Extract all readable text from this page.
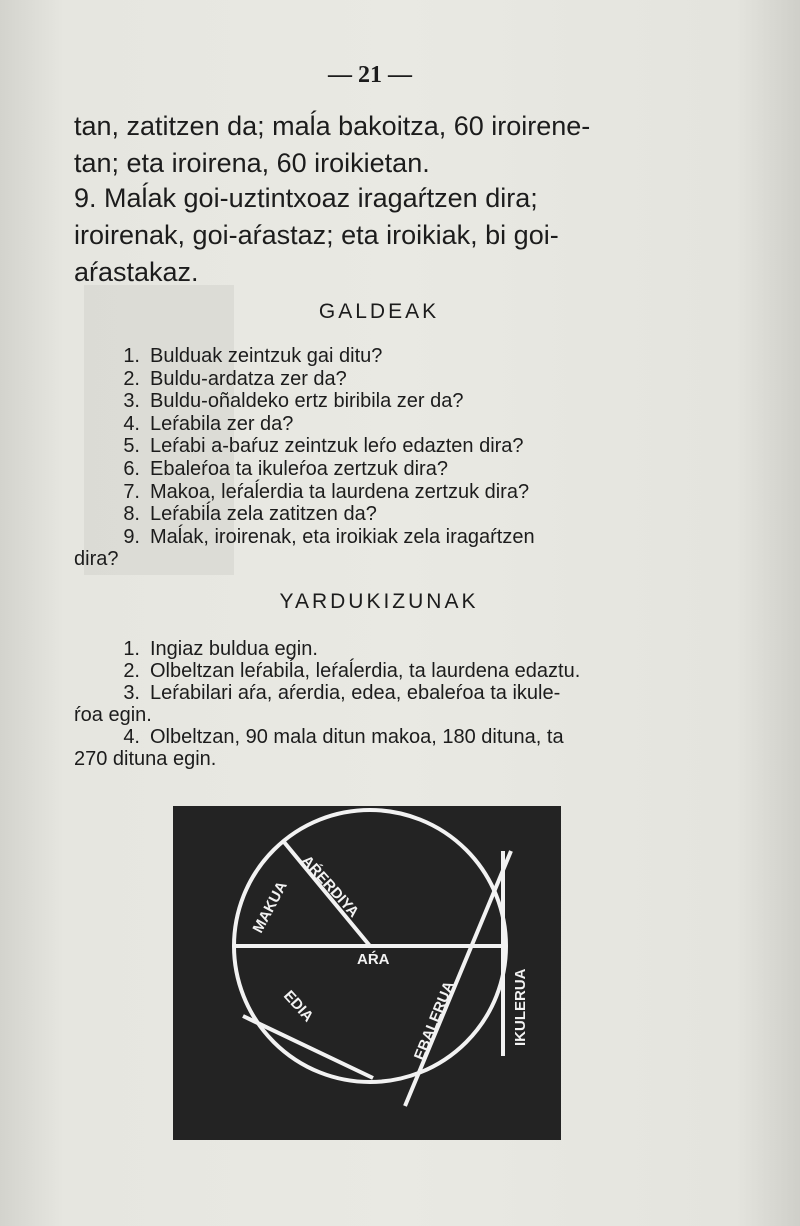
— 21 —
tan, zatitzen da; maĺa bakoitza, 60 iroirene-
tan; eta iroirena, 60 iroikietan.
9. Maĺak goi-uztintxoaz iragaŕtzen dira;
iroirenak, goi-aŕastaz; eta iroikiak, bi goi-
aŕastakaz.
GALDEAK
1. Bulduak zeintzuk gai ditu?
2. Buldu-ardatza zer da?
3. Buldu-oñaldeko ertz biribila zer da?
4. Leŕabila zer da?
5. Leŕabi a-baŕuz zeintzuk leŕo edazten dira?
6. Ebaleŕoa ta ikuleŕoa zertzuk dira?
7. Makoa, leŕaĺerdia ta laurdena zertzuk dira?
8. Leŕabiĺa zela zatitzen da?
9. Maĺak, iroirenak, eta iroikiak zela iragaŕtzen
dira?
YARDUKIZUNAK
1. Ingiaz buldua egin.
2. Olbeltzan leŕabiĺa, leŕaĺerdia, ta laurdena edaztu.
3. Leŕabilari aŕa, aŕerdia, edea, ebaleŕoa ta ikule-
ŕoa egin.
4. Olbeltzan, 90 mala ditun makoa, 180 dituna, ta
270 dituna egin.
MAKUA AŔERDIYA
AŔA
EDIA	EBALERUA	IKULERUA
